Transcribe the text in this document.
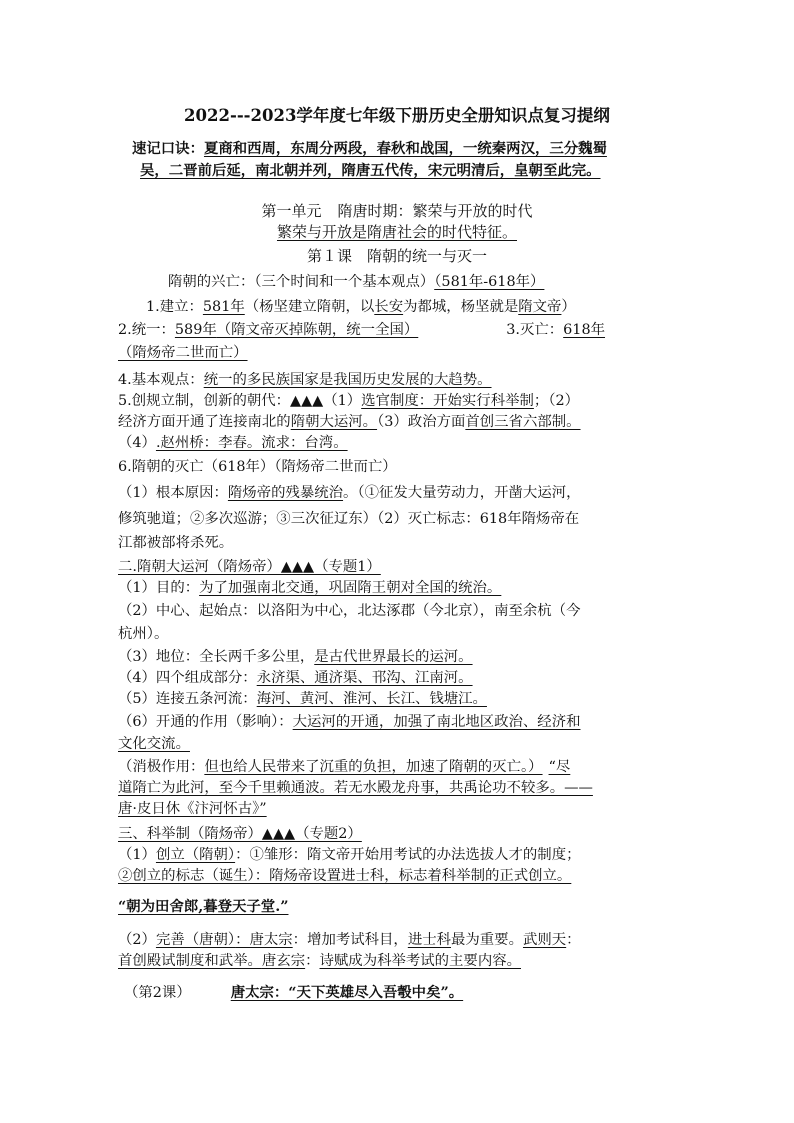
2022---2023学年度七年级下册历史全册知识点复习提纲
速记口诀：夏商和西周，东周分两段，春秋和战国，一统秦两汉，三分魏蜀
吴，二晋前后延，南北朝并列，隋唐五代传，宋元明清后，皇朝至此完。
第一单元 隋唐时期：繁荣与开放的时代
繁荣与开放是隋唐社会的时代特征。
第１课　隋朝的统一与灭一
隋朝的兴亡：（三个时间和一个基本观点）（581年-618年）
1.建立：581年（杨坚建立隋朝，以长安为都城，杨坚就是隋文帝）
2.统一：589年（隋文帝灭掉陈朝，统一全国）	3.灭亡：618年
（隋炀帝二世而亡）
4.基本观点：统一的多民族国家是我国历史发展的大趋势。
5.创规立制，创新的朝代：▲▲▲（1）选官制度：开始实行科举制；（2）
经济方面开通了连接南北的隋朝大运河。（3）政治方面首创三省六部制。
（4）.赵州桥：李春。流求：台湾。
6.隋朝的灭亡（618年）（隋炀帝二世而亡）
（1）根本原因：隋炀帝的残暴统治。（①征发大量劳动力，开凿大运河，
修筑驰道；②多次巡游；③三次征辽东）（2）灭亡标志：618年隋炀帝在
江都被部将杀死。
二.隋朝大运河（隋炀帝）▲▲▲（专题1）
（1）目的：为了加强南北交通，巩固隋王朝对全国的统治。
（2）中心、起始点：以洛阳为中心，北达涿郡（今北京），南至余杭（今
杭州）。
（3）地位：全长两千多公里，是古代世界最长的运河。
（4）四个组成部分：永济渠、通济渠、邗沟、江南河。
（5）连接五条河流：海河、黄河、淮河、长江、钱塘江。
（6）开通的作用（影响）：大运河的开通，加强了南北地区政治、经济和
文化交流。
（消极作用：但也给人民带来了沉重的负担，加速了隋朝的灭亡。） “尽
道隋亡为此河，至今千里赖通波。若无水殿龙舟事，共禹论功不较多。——
唐·皮日休《汴河怀古》”
三、科举制（隋炀帝）▲▲▲（专题2）
（1）创立（隋朝）：①雏形：隋文帝开始用考试的办法选拔人才的制度；
②创立的标志（诞生）：隋炀帝设置进士科，标志着科举制的正式创立。
“朝为田舍郎,暮登天子堂.”
（2）完善（唐朝）：唐太宗：增加考试科目，进士科最为重要。武则天：
首创殿试制度和武举。唐玄宗：诗赋成为科举考试的主要内容。
（第2课）	唐太宗：“天下英雄尽入吾彀中矣”。
